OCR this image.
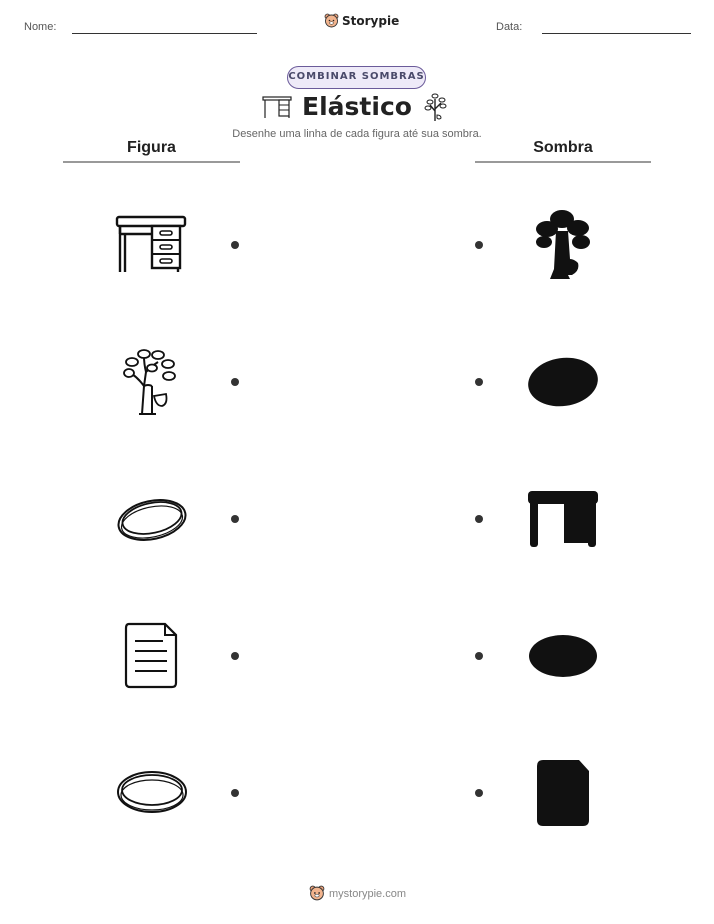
Nome:	Storypie	Data:
COMBINAR SOMBRAS
Elástico
Desenhe uma linha de cada figura até sua sombra.
Figura	Sombra
mystorypie.com
